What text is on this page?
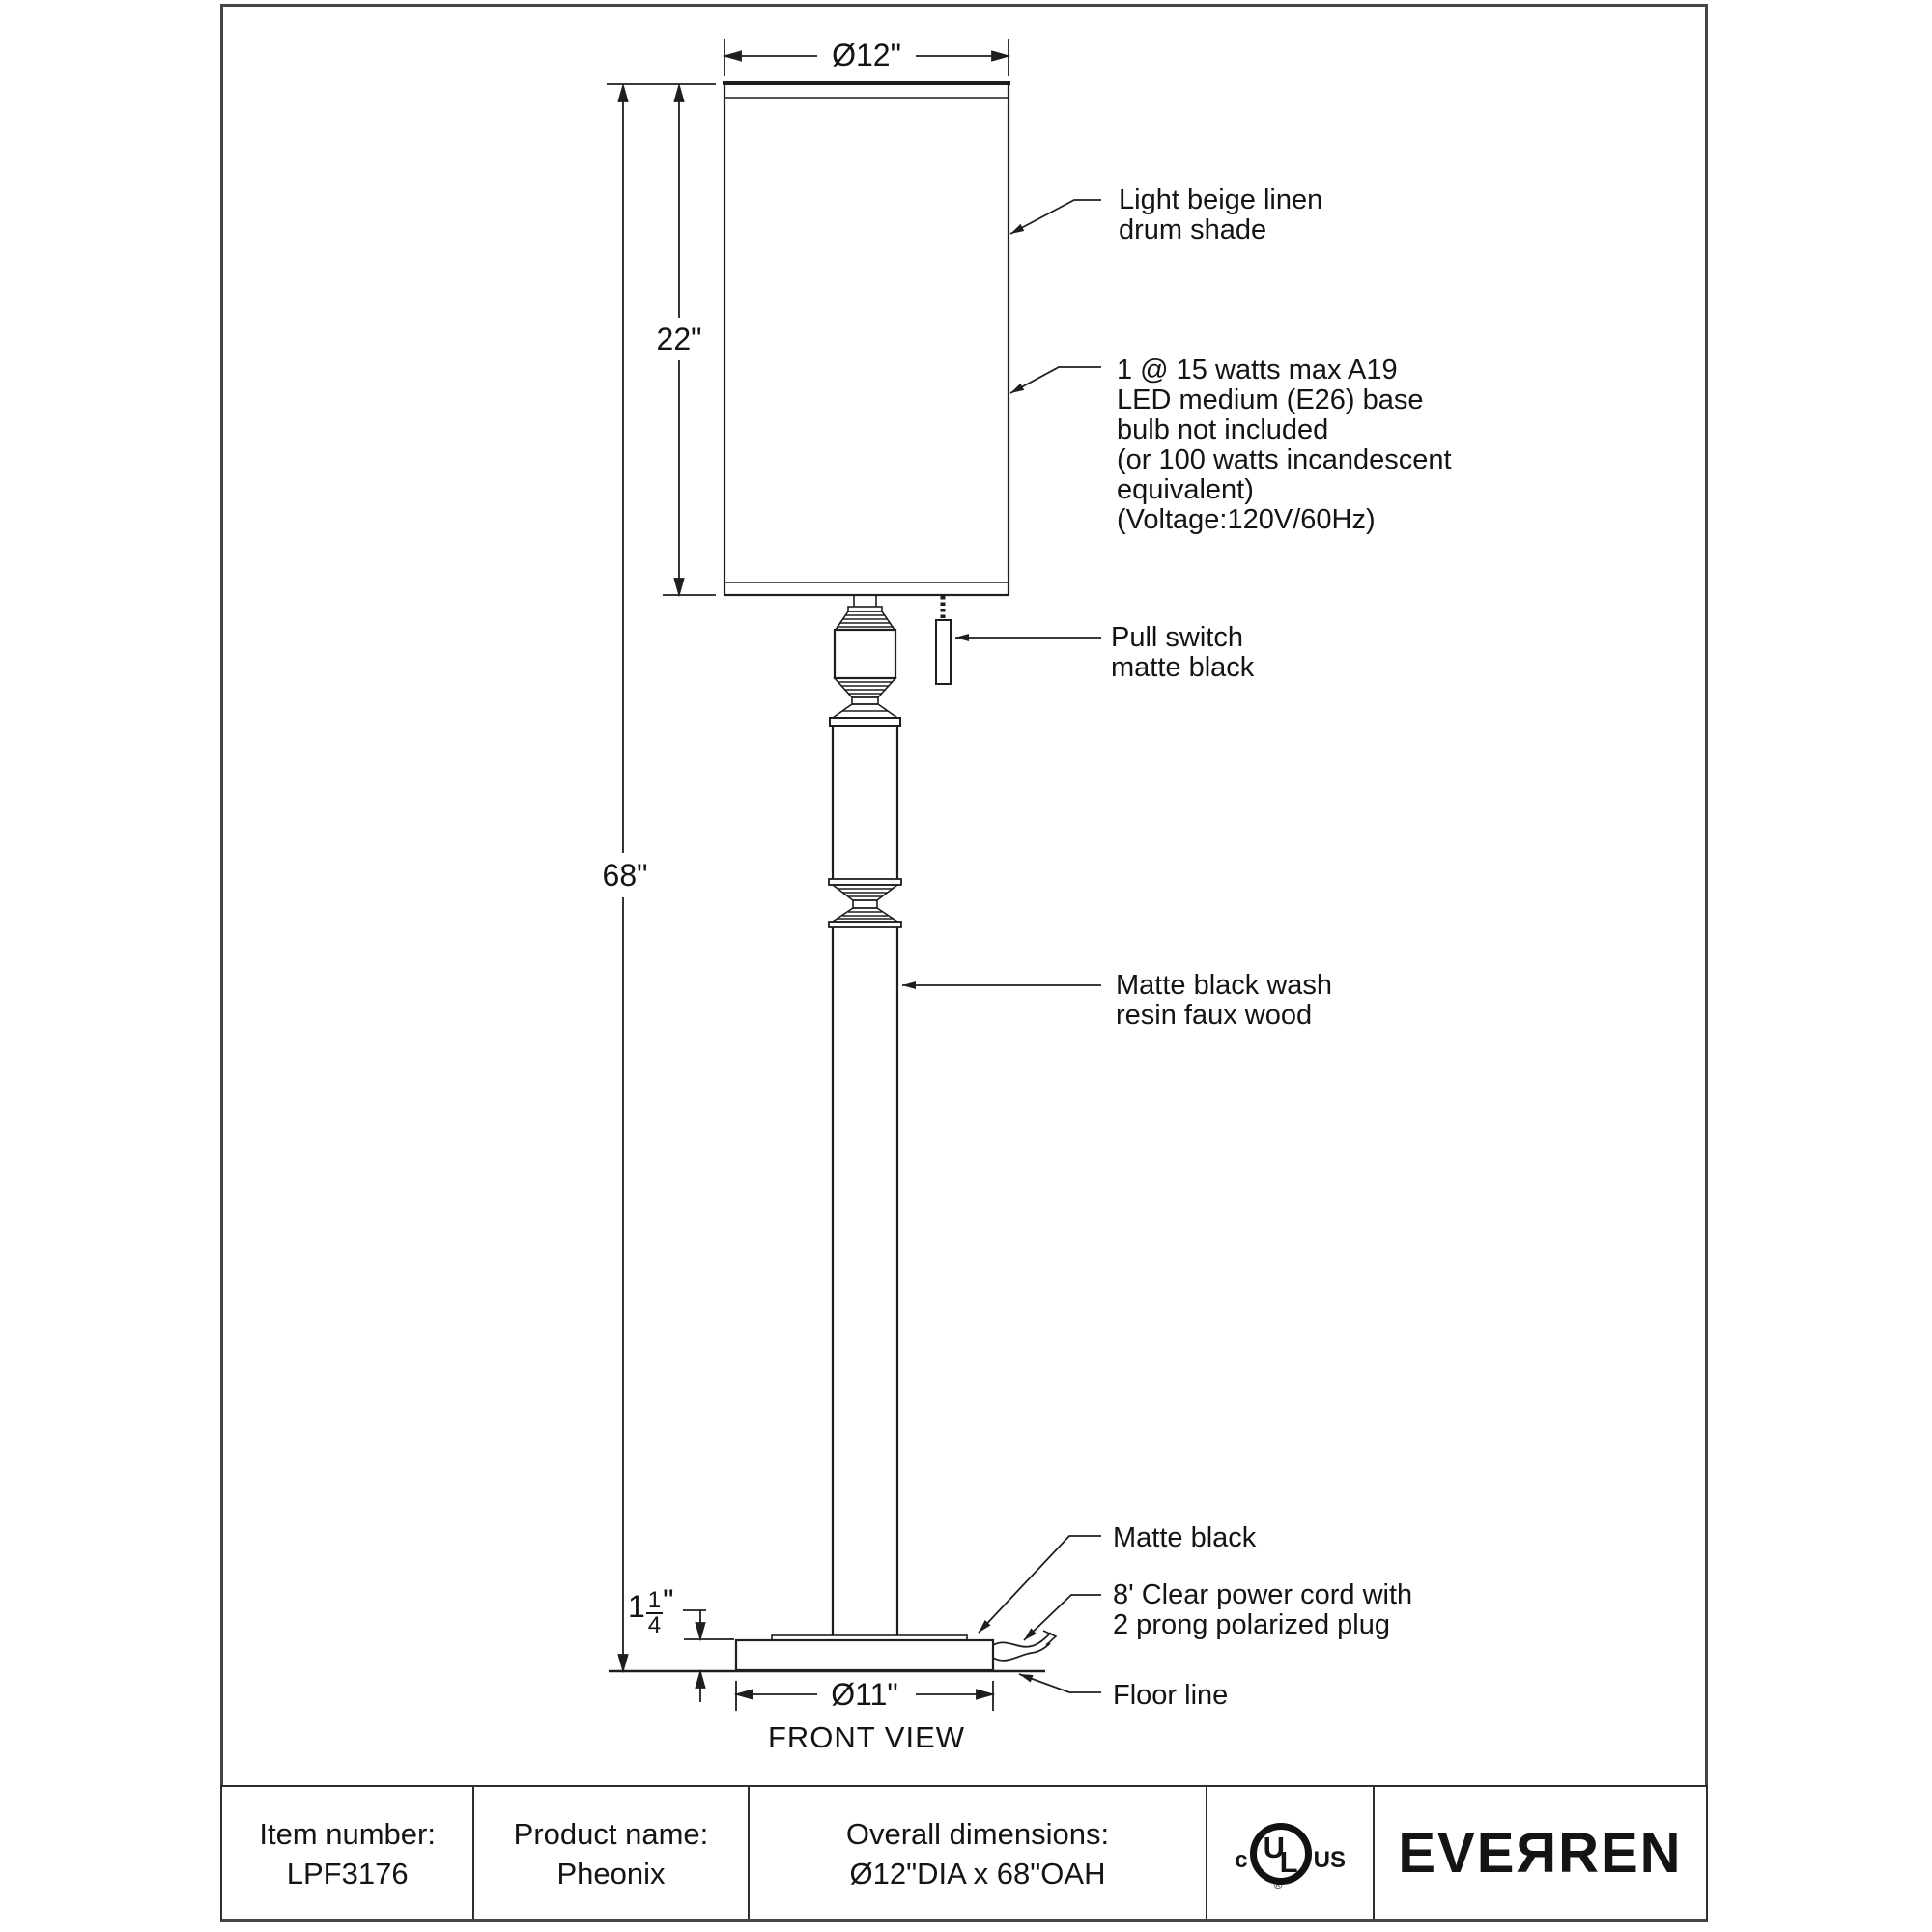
Ø12"
22"
68"
Ø11"
$1 \frac{1}{4}$ "
FRONT VIEW
Light beige linen
drum shade
1 @ 15 watts max A19
LED medium (E26) base
bulb not included
(or 100 watts incandescent
equivalent)
(Voltage:120V/60Hz)
Pull switch
matte black
Matte black wash
resin faux wood
Matte black
8' Clear power cord with
2 prong polarized plug
Floor line
Item number:
LPF3176
Product name:
Pheonix
Overall dimensions:
Ø12"DIA x 68"OAH	c U
L
®
US EVEЯREN
